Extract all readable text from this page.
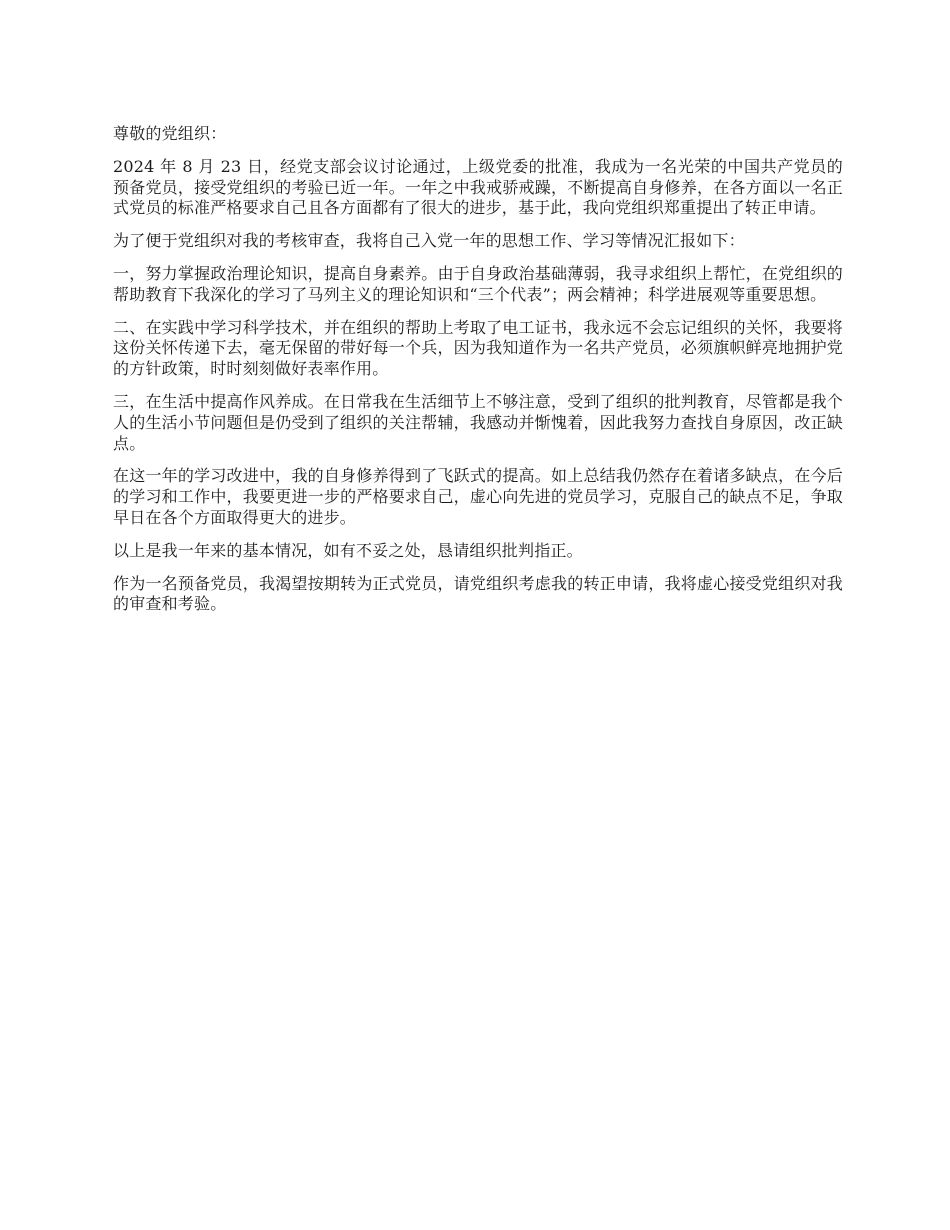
尊敬的党组织：

2024 年 8 月 23 日，经党支部会议讨论通过，上级党委的批准，我成为一名光荣的中国共产党员的预备党员，接受党组织的考验已近一年。一年之中我戒骄戒躁，不断提高自身修养，在各方面以一名正式党员的标准严格要求自己且各方面都有了很大的进步，基于此，我向党组织郑重提出了转正申请。

为了便于党组织对我的考核审查，我将自己入党一年的思想工作、学习等情况汇报如下：

一，努力掌握政治理论知识，提高自身素养。由于自身政治基础薄弱，我寻求组织上帮忙，在党组织的帮助教育下我深化的学习了马列主义的理论知识和“三个代表”；两会精神；科学进展观等重要思想。

二、在实践中学习科学技术，并在组织的帮助上考取了电工证书，我永远不会忘记组织的关怀，我要将这份关怀传递下去，毫无保留的带好每一个兵，因为我知道作为一名共产党员，必须旗帜鲜亮地拥护党的方针政策，时时刻刻做好表率作用。

三，在生活中提高作风养成。在日常我在生活细节上不够注意，受到了组织的批判教育，尽管都是我个人的生活小节问题但是仍受到了组织的关注帮辅，我感动并惭愧着，因此我努力查找自身原因，改正缺点。

在这一年的学习改进中，我的自身修养得到了飞跃式的提高。如上总结我仍然存在着诸多缺点，在今后的学习和工作中，我要更进一步的严格要求自己，虚心向先进的党员学习，克服自己的缺点不足，争取早日在各个方面取得更大的进步。

以上是我一年来的基本情况，如有不妥之处，恳请组织批判指正。

作为一名预备党员，我渴望按期转为正式党员，请党组织考虑我的转正申请，我将虚心接受党组织对我的审查和考验。
